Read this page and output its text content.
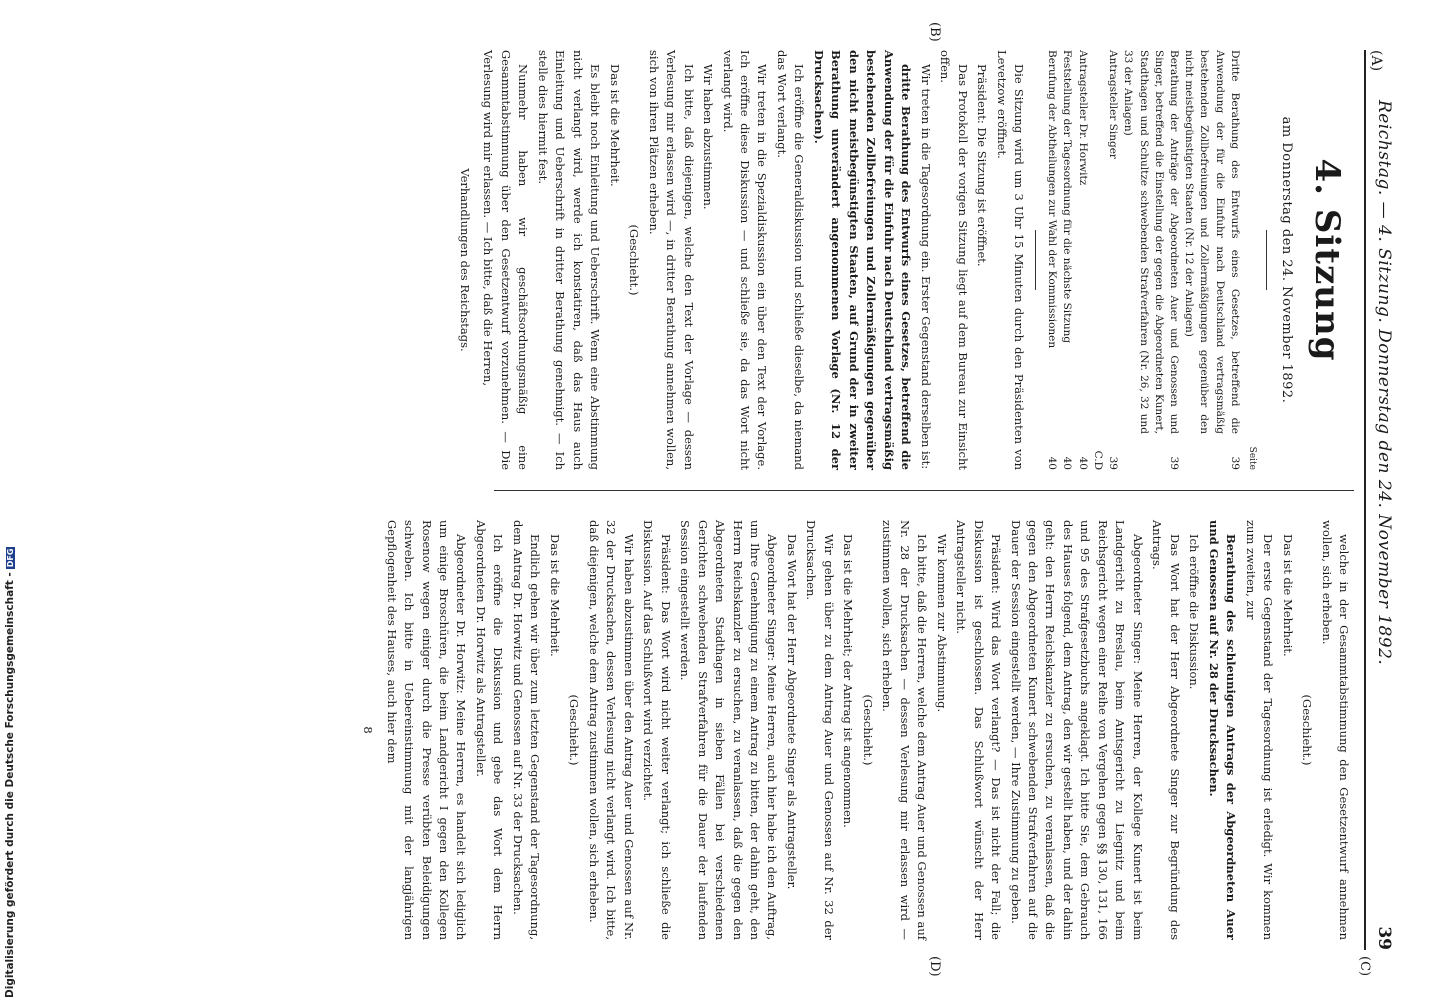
Digitalisierung gefördert durch die Deutsche Forschungsgemeinschaft -DFG
(A)
Reichstag. — 4. Sitzung. Donnerstag den 24. November 1892.
39
4. Sitzung
am Donnerstag den 24. November 1892.
Seite
Dritte Berathung des Entwurfs eines Gesetzes, betreffend die Anwendung der für die Einfuhr nach Deutschland vertragsmäßig bestehenden Zollbefreiungen und Zollermäßigungen gegenüber den nicht meistbegünstigten Staaten (Nr. 12 der Anlagen)
39
Berathung der Anträge der Abgeordneten Auer und Genossen und Singer, betreffend die Einstellung der gegen die Abgeordneten Kunert, Stadthagen und Schultze schwebenden Strafverfahren (Nr. 26, 32 und 33 der Anlagen)
39
Antragsteller Singer
39 C.D
Antragsteller Dr. Horwitz
40
Feststellung der Tagesordnung für die nächste Sitzung
40
Berufung der Abtheilungen zur Wahl der Kommissionen
40

Die Sitzung wird um 3 Uhr 15 Minuten durch den Präsidenten von Levetzow eröffnet.

Präsident: Die Sitzung ist eröffnet.

Das Protokoll der vorigen Sitzung liegt auf dem Bureau zur Einsicht offen.

Wir treten in die Tagesordnung ein. Erster Gegenstand derselben ist:

dritte Berathung des Entwurfs eines Gesetzes, betreffend die Anwendung der für die Einfuhr nach Deutschland vertragsmäßig bestehenden Zollbefreiungen und Zollermäßigungen gegenüber den nicht meistbegünstigten Staaten, auf Grund der in zweiter Berathung unverändert angenommenen Vorlage (Nr. 12 der Drucksachen).

Ich eröffne die Generaldiskussion und schließe dieselbe, da niemand das Wort verlangt.

Wir treten in die Spezialdiskussion ein über den Text der Vorlage. Ich eröffne diese Diskussion — und schließe sie, da das Wort nicht verlangt wird.

Wir haben abzustimmen.

Ich bitte, daß diejenigen, welche den Text der Vorlage — dessen Verlesung mir erlassen wird —, in dritter Berathung annehmen wollen, sich von ihren Plätzen erheben.

(Geschieht.)

Das ist die Mehrheit.

Es bleibt noch Einleitung und Ueberschrift. Wenn eine Abstimmung nicht verlangt wird, werde ich konstatiren, daß das Haus auch Einleitung und Ueberschrift in dritter Berathung genehmigt. — Ich stelle dies hiermit fest.

Nunmehr haben wir geschäftsordnungsmäßig eine Gesammtabstimmung über den Gesetzentwurf vorzunehmen. — Die Verlesung wird mir erlassen. — Ich bitte, daß die Herren,

Verhandlungen des Reichstags.

welche in der Gesammtabstimmung den Gesetzentwurf annehmen wollen, sich erheben.

(Geschieht.)

Das ist die Mehrheit.

Der erste Gegenstand der Tagesordnung ist erledigt. Wir kommen zum zweiten, zur

Berathung des schleunigen Antrags der Abgeordneten Auer und Genossen auf Nr. 28 der Drucksachen.

Ich eröffne die Diskussion.

Das Wort hat der Herr Abgeordnete Singer zur Begründung des Antrags.

Abgeordneter Singer: Meine Herren, der Kollege Kunert ist beim Landgericht zu Breslau, beim Amtsgericht zu Liegnitz und beim Reichsgericht wegen einer Reihe von Vergehen gegen §§ 130, 131, 166 und 95 des Strafgesetzbuchs angeklagt. Ich bitte Sie, dem Gebrauch des Hauses folgend, dem Antrag, den wir gestellt haben, und der dahin geht: den Herrn Reichskanzler zu ersuchen, zu veranlassen, daß die gegen den Abgeordneten Kunert schwebenden Strafverfahren auf die Dauer der Session eingestellt werden, — Ihre Zustimmung zu geben.

Präsident: Wird das Wort verlangt? — Das ist nicht der Fall; die Diskussion ist geschlossen. Das Schlußwort wünscht der Herr Antragsteller nicht.

Wir kommen zur Abstimmung.

Ich bitte, daß die Herren, welche dem Antrag Auer und Genossen auf Nr. 28 der Drucksachen — dessen Verlesung mir erlassen wird — zustimmen wollen, sich erheben.

(Geschieht.)

Das ist die Mehrheit; der Antrag ist angenommen.

Wir gehen über zu dem Antrag Auer und Genossen auf Nr. 32 der Drucksachen.

Das Wort hat der Herr Abgeordnete Singer als Antragsteller.

Abgeordneter Singer: Meine Herren, auch hier habe ich den Auftrag, um Ihre Genehmigung zu einem Antrag zu bitten, der dahin geht, den Herrn Reichskanzler zu ersuchen, zu veranlassen, daß die gegen den Abgeordneten Stadthagen in sieben Fällen bei verschiedenen Gerichten schwebenden Strafverfahren für die Dauer der laufenden Session eingestellt werden.

Präsident: Das Wort wird nicht weiter verlangt; ich schließe die Diskussion. Auf das Schlußwort wird verzichtet.

Wir haben abzustimmen über den Antrag Auer und Genossen auf Nr. 32 der Drucksachen, dessen Verlesung nicht verlangt wird. Ich bitte, daß diejenigen, welche dem Antrag zustimmen wollen, sich erheben.

(Geschieht.)

Das ist die Mehrheit.

Endlich gehen wir über zum letzten Gegenstand der Tagesordnung, dem Antrag Dr. Horwitz und Genossen auf Nr. 33 der Drucksachen.

Ich eröffne die Diskussion und gebe das Wort dem Herrn Abgeordneten Dr. Horwitz als Antragsteller.

Abgeordneter Dr. Horwitz: Meine Herren, es handelt sich lediglich um einige Broschüren, die beim Landgericht I gegen den Kollegen Rosenow wegen einiger durch die Presse verübten Beleidigungen schweben. Ich bitte in Uebereinstimmung mit der langjährigen Gepflogenheit des Hauses, auch hier dem

8

(B)
(D)	(C)
